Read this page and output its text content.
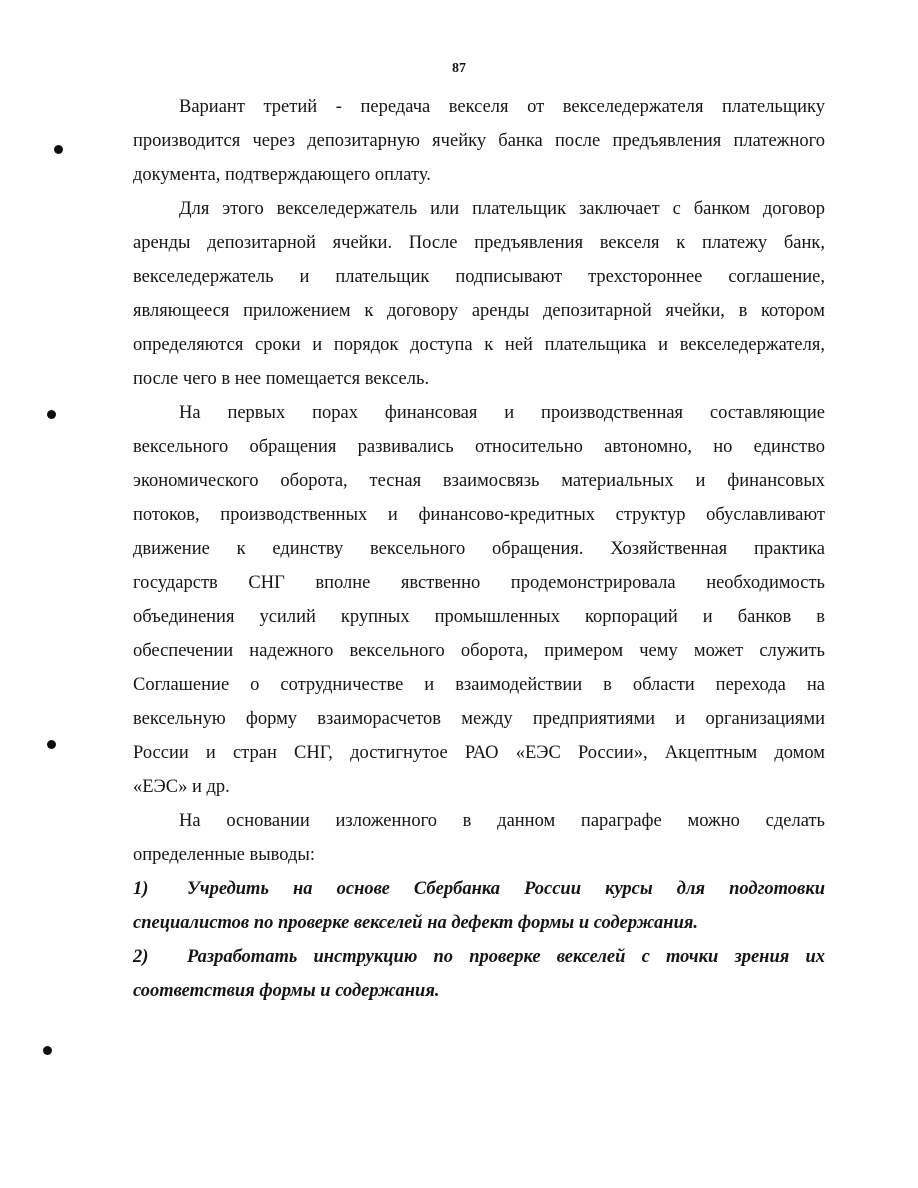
87
Вариант третий - передача векселя от векселедержателя плательщику
производится через депозитарную ячейку банка после предъявления платежного
документа, подтверждающего оплату.
Для этого векселедержатель или плательщик заключает с банком договор
аренды депозитарной ячейки. После предъявления векселя к платежу банк,
векселедержатель и плательщик подписывают трехстороннее соглашение,
являющееся приложением к договору аренды депозитарной ячейки, в котором
определяются сроки и порядок доступа к ней плательщика и векселедержателя,
после чего в нее помещается вексель.
На первых порах финансовая и производственная составляющие
вексельного обращения развивались относительно автономно, но единство
экономического оборота, тесная взаимосвязь материальных и финансовых
потоков, производственных и финансово-кредитных структур обуславливают
движение к единству вексельного обращения. Хозяйственная практика
государств СНГ вполне явственно продемонстрировала необходимость
объединения усилий крупных промышленных корпораций и банков в
обеспечении надежного вексельного оборота, примером чему может служить
Соглашение о сотрудничестве и взаимодействии в области перехода на
вексельную форму взаиморасчетов между предприятиями и организациями
России и стран СНГ, достигнутое РАО «ЕЭС России», Акцептным домом
«ЕЭС» и др.
На основании изложенного в данном параграфе можно сделать
определенные выводы:
1) Учредить на основе Сбербанка России курсы для подготовки
специалистов по проверке векселей на дефект формы и содержания.
2) Разработать инструкцию по проверке векселей с точки зрения их
соответствия формы и содержания.
